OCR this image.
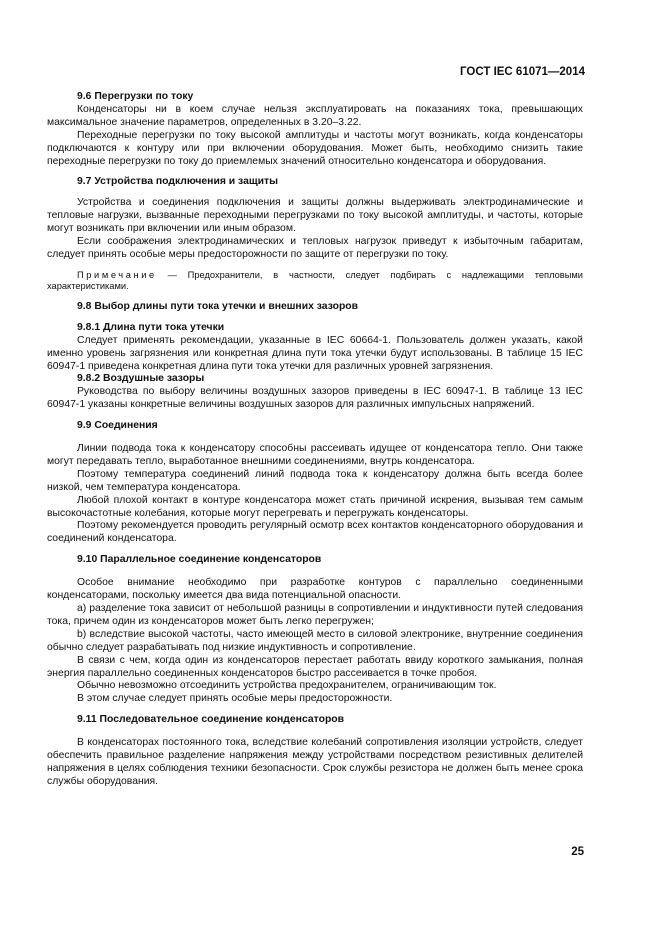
ГОСТ IEC 61071—2014
9.6 Перегрузки по току
Конденсаторы ни в коем случае нельзя эксплуатировать на показаниях тока, превышающих максимальное значение параметров, определенных в 3.20–3.22.
Переходные перегрузки по току высокой амплитуды и частоты могут возникать, когда конденсаторы подключаются к контуру или при включении оборудования. Может быть, необходимо снизить такие переходные перегрузки по току до приемлемых значений относительно конденсатора и оборудования.
9.7 Устройства подключения и защиты
Устройства и соединения подключения и защиты должны выдерживать электродинамические и тепловые нагрузки, вызванные переходными перегрузками по току высокой амплитуды, и частоты, которые могут возникать при включении или иным образом.
Если соображения электродинамических и тепловых нагрузок приведут к избыточным габаритам, следует принять особые меры предосторожности по защите от перегрузки по току.
Примечание — Предохранители, в частности, следует подбирать с надлежащими тепловыми характеристиками.
9.8 Выбор длины пути тока утечки и внешних зазоров
9.8.1 Длина пути тока утечки
Следует применять рекомендации, указанные в IEC 60664-1. Пользователь должен указать, какой именно уровень загрязнения или конкретная длина пути тока утечки будут использованы. В таблице 15 IEC 60947-1 приведена конкретная длина пути тока утечки для различных уровней загрязнения.
9.8.2 Воздушные зазоры
Руководства по выбору величины воздушных зазоров приведены в IEC 60947-1. В таблице 13 IEC 60947-1 указаны конкретные величины воздушных зазоров для различных импульсных напряжений.
9.9 Соединения
Линии подвода тока к конденсатору способны рассеивать идущее от конденсатора тепло. Они также могут передавать тепло, выработанное внешними соединениями, внутрь конденсатора.
Поэтому температура соединений линий подвода тока к конденсатору должна быть всегда более низкой, чем температура конденсатора.
Любой плохой контакт в контуре конденсатора может стать причиной искрения, вызывая тем самым высокочастотные колебания, которые могут перегревать и перегружать конденсаторы.
Поэтому рекомендуется проводить регулярный осмотр всех контактов конденсаторного оборудования и соединений конденсатора.
9.10 Параллельное соединение конденсаторов
Особое внимание необходимо при разработке контуров с параллельно соединенными конденсаторами, поскольку имеется два вида потенциальной опасности.
а) разделение тока зависит от небольшой разницы в сопротивлении и индуктивности путей следования тока, причем один из конденсаторов может быть легко перегружен;
b) вследствие высокой частоты, часто имеющей место в силовой электронике, внутренние соединения обычно следует разрабатывать под низкие индуктивность и сопротивление.
В связи с чем, когда один из конденсаторов перестает работать ввиду короткого замыкания, полная энергия параллельно соединенных конденсаторов быстро рассеивается в точке пробоя.
Обычно невозможно отсоединить устройства предохранителем, ограничивающим ток.
В этом случае следует принять особые меры предосторожности.
9.11 Последовательное соединение конденсаторов
В конденсаторах постоянного тока, вследствие колебаний сопротивления изоляции устройств, следует обеспечить правильное разделение напряжения между устройствами посредством резистивных делителей напряжения в целях соблюдения техники безопасности. Срок службы резистора не должен быть менее срока службы оборудования.
25
